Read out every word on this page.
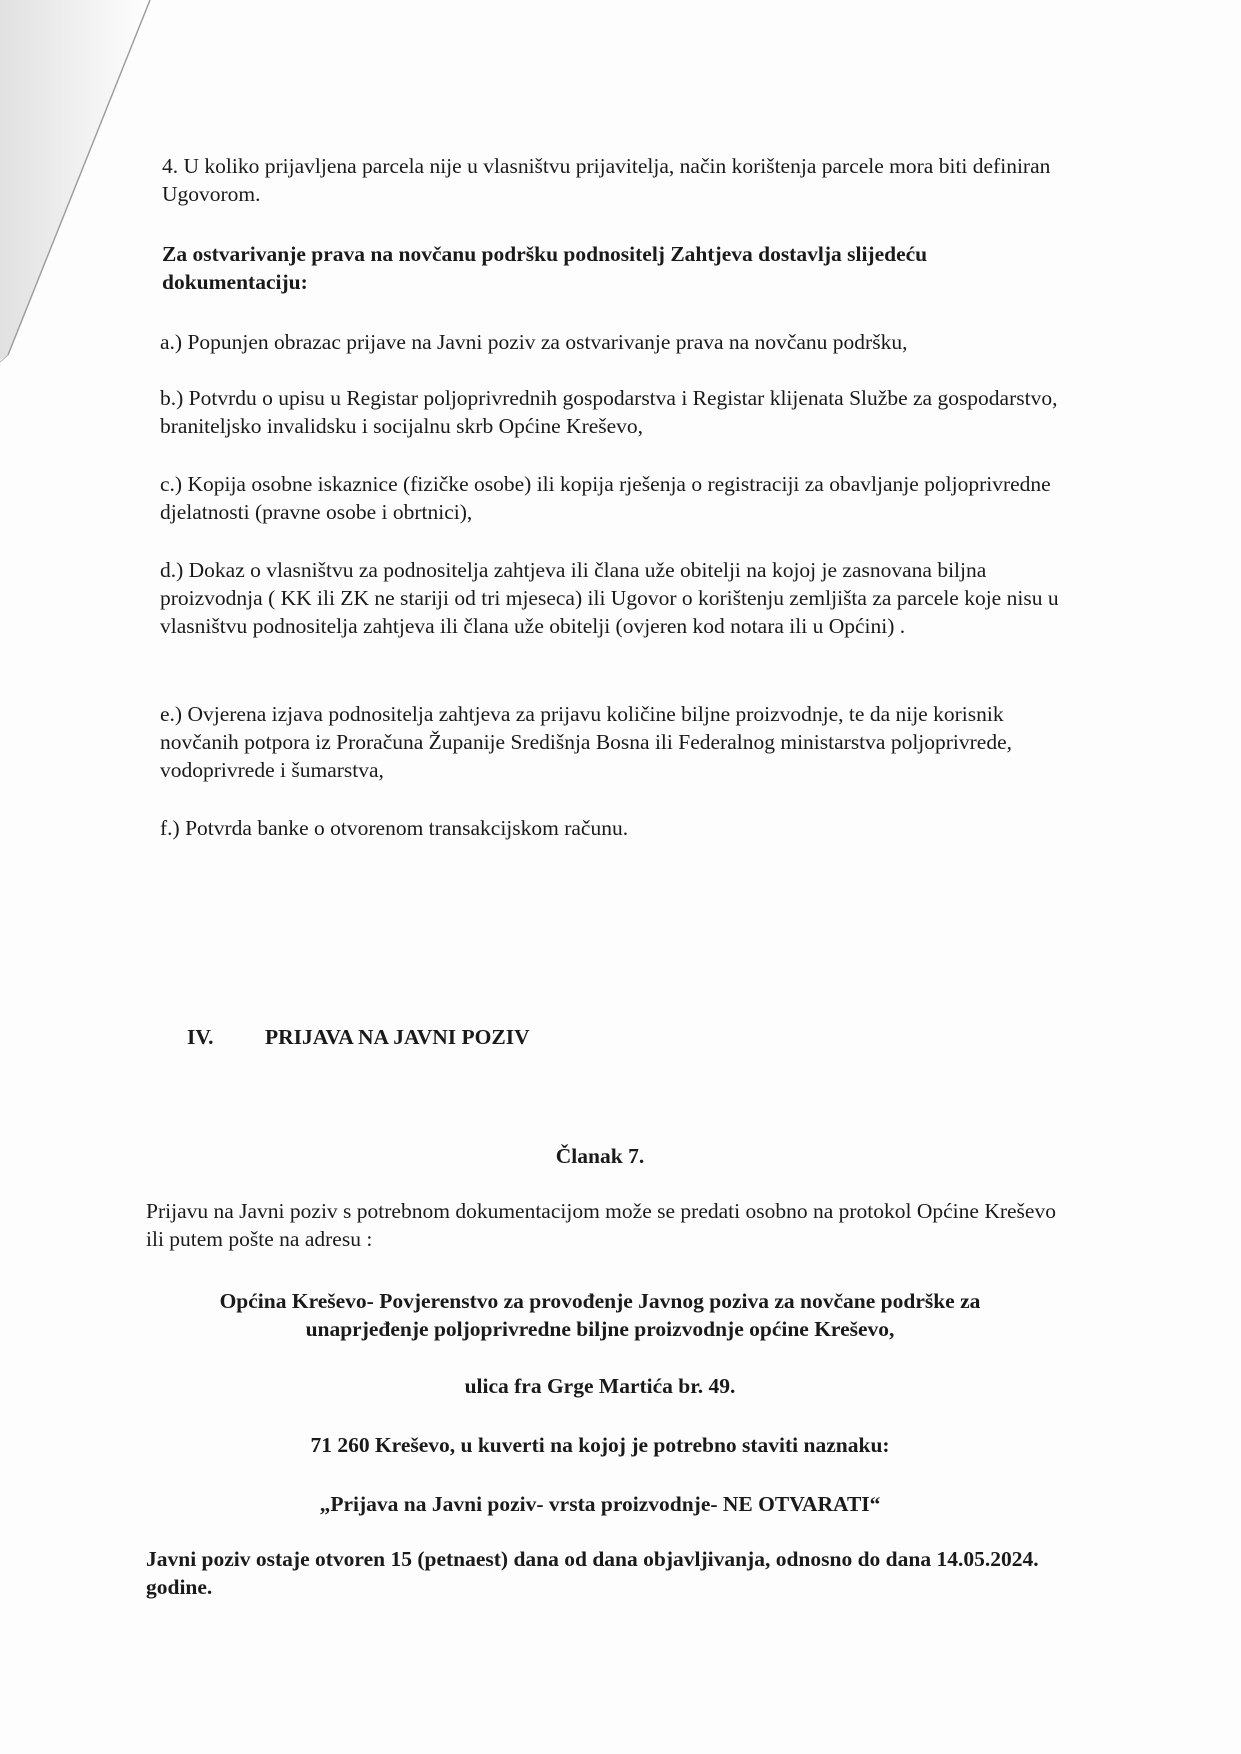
4. U koliko prijavljena parcela nije u vlasništvu prijavitelja, način korištenja parcele mora biti definiran Ugovorom.

Za ostvarivanje prava na novčanu podršku podnositelj Zahtjeva dostavlja slijedeću dokumentaciju:

a.) Popunjen obrazac prijave na Javni poziv za ostvarivanje prava na novčanu podršku,

b.) Potvrdu o upisu u Registar poljoprivrednih gospodarstva i Registar klijenata Službe za gospodarstvo, braniteljsko invalidsku i socijalnu skrb Općine Kreševo,

c.) Kopija osobne iskaznice (fizičke osobe) ili kopija rješenja o registraciji za obavljanje poljoprivredne djelatnosti (pravne osobe i obrtnici),

d.) Dokaz o vlasništvu za podnositelja zahtjeva ili člana uže obitelji na kojoj je zasnovana biljna proizvodnja ( KK ili ZK ne stariji od tri mjeseca) ili Ugovor o korištenju zemljišta za parcele koje nisu u vlasništvu podnositelja zahtjeva ili člana uže obitelji (ovjeren kod notara ili u Općini) .

e.) Ovjerena izjava podnositelja zahtjeva za prijavu količine biljne proizvodnje, te da nije korisnik novčanih potpora iz Proračuna Županije Središnja Bosna ili Federalnog ministarstva poljoprivrede, vodoprivrede i šumarstva,

f.) Potvrda banke o otvorenom transakcijskom računu.

IV. PRIJAVA NA JAVNI POZIV

Članak 7.

Prijavu na Javni poziv s potrebnom dokumentacijom može se predati osobno na protokol Općine Kreševo ili putem pošte na adresu :

Općina Kreševo- Povjerenstvo za provođenje Javnog poziva za novčane podrške za

unaprjeđenje poljoprivredne biljne proizvodnje općine Kreševo,

ulica fra Grge Martića br. 49.

71 260 Kreševo, u kuverti na kojoj je potrebno staviti naznaku:

„Prijava na Javni poziv- vrsta proizvodnje- NE OTVARATI“

Javni poziv ostaje otvoren 15 (petnaest) dana od dana objavljivanja, odnosno do dana 14.05.2024. godine.
